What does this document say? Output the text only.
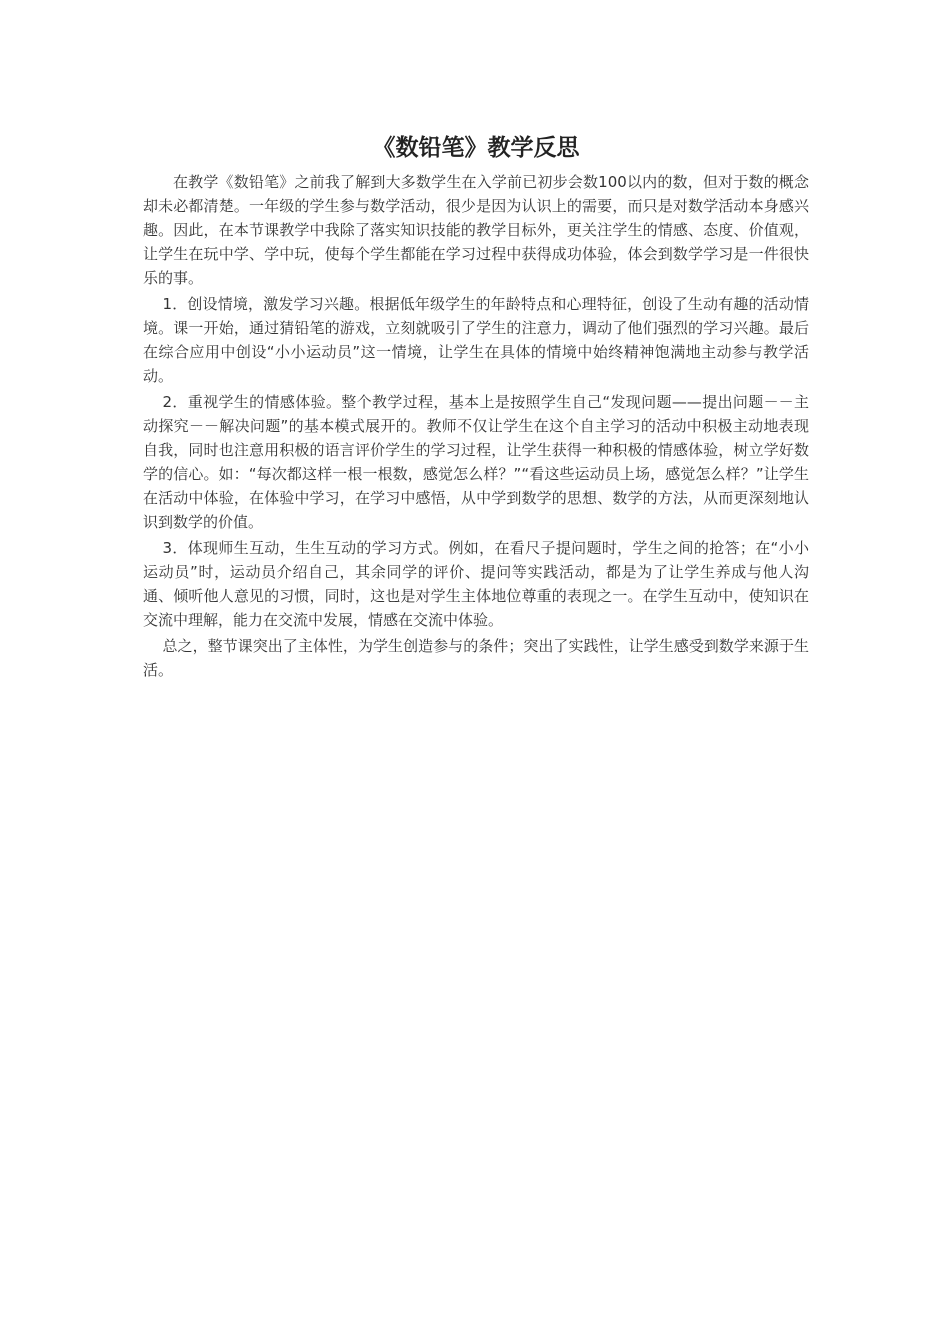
《数铅笔》教学反思

在教学《数铅笔》之前我了解到大多数学生在入学前已初步会数100以内的数，但对于数的概念却未必都清楚。一年级的学生参与数学活动，很少是因为认识上的需要，而只是对数学活动本身感兴趣。因此，在本节课教学中我除了落实知识技能的教学目标外，更关注学生的情感、态度、价值观，让学生在玩中学、学中玩，使每个学生都能在学习过程中获得成功体验，体会到数学学习是一件很快乐的事。

1．创设情境，激发学习兴趣。根据低年级学生的年龄特点和心理特征，创设了生动有趣的活动情境。课一开始，通过猜铅笔的游戏，立刻就吸引了学生的注意力，调动了他们强烈的学习兴趣。最后在综合应用中创设“小小运动员”这一情境，让学生在具体的情境中始终精神饱满地主动参与教学活动。

2．重视学生的情感体验。整个教学过程，基本上是按照学生自己“发现问题——提出问题－－主动探究－－解决问题”的基本模式展开的。教师不仅让学生在这个自主学习的活动中积极主动地表现自我，同时也注意用积极的语言评价学生的学习过程，让学生获得一种积极的情感体验，树立学好数学的信心。如：“每次都这样一根一根数，感觉怎么样？”“看这些运动员上场，感觉怎么样？”让学生在活动中体验，在体验中学习，在学习中感悟，从中学到数学的思想、数学的方法，从而更深刻地认识到数学的价值。

3．体现师生互动，生生互动的学习方式。例如，在看尺子提问题时，学生之间的抢答；在“小小运动员”时，运动员介绍自己，其余同学的评价、提问等实践活动，都是为了让学生养成与他人沟通、倾听他人意见的习惯，同时，这也是对学生主体地位尊重的表现之一。在学生互动中，使知识在交流中理解，能力在交流中发展，情感在交流中体验。

总之，整节课突出了主体性，为学生创造参与的条件；突出了实践性，让学生感受到数学来源于生活。
